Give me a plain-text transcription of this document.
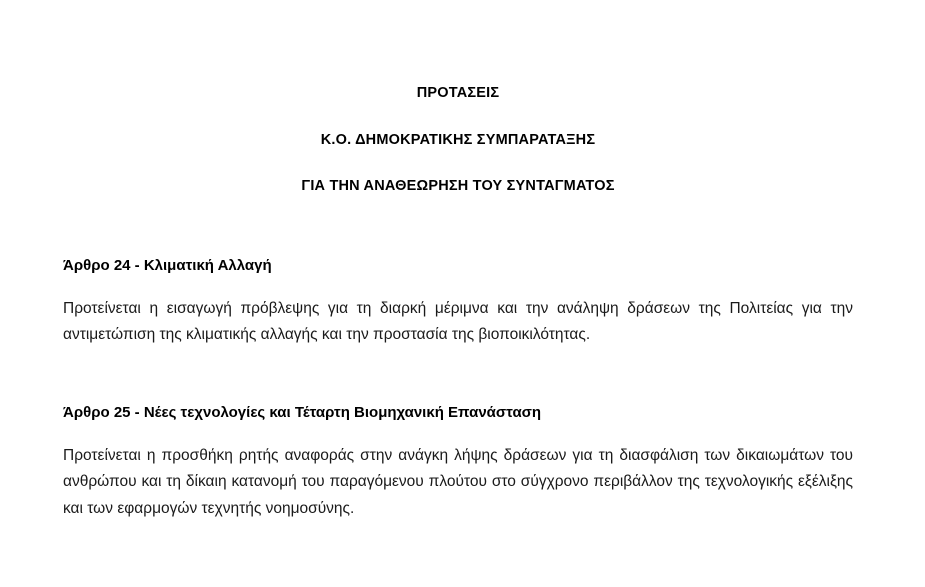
ΠΡΟΤΑΣΕΙΣ
Κ.Ο. ΔΗΜΟΚΡΑΤΙΚΗΣ ΣΥΜΠΑΡΑΤΑΞΗΣ
ΓΙΑ ΤΗΝ ΑΝΑΘΕΩΡΗΣΗ ΤΟΥ ΣΥΝΤΑΓΜΑΤΟΣ
Άρθρο 24 - Κλιματική Αλλαγή
Προτείνεται η εισαγωγή πρόβλεψης για τη διαρκή μέριμνα και την ανάληψη δράσεων της Πολιτείας για την αντιμετώπιση της κλιματικής αλλαγής και την προστασία της βιοποικιλότητας.
Άρθρο 25 - Νέες τεχνολογίες και Τέταρτη Βιομηχανική Επανάσταση
Προτείνεται η προσθήκη ρητής αναφοράς στην ανάγκη λήψης δράσεων για τη διασφάλιση των δικαιωμάτων του ανθρώπου και τη δίκαιη κατανομή του παραγόμενου πλούτου στο σύγχρονο περιβάλλον της τεχνολογικής εξέλιξης και των εφαρμογών τεχνητής νοημοσύνης.
